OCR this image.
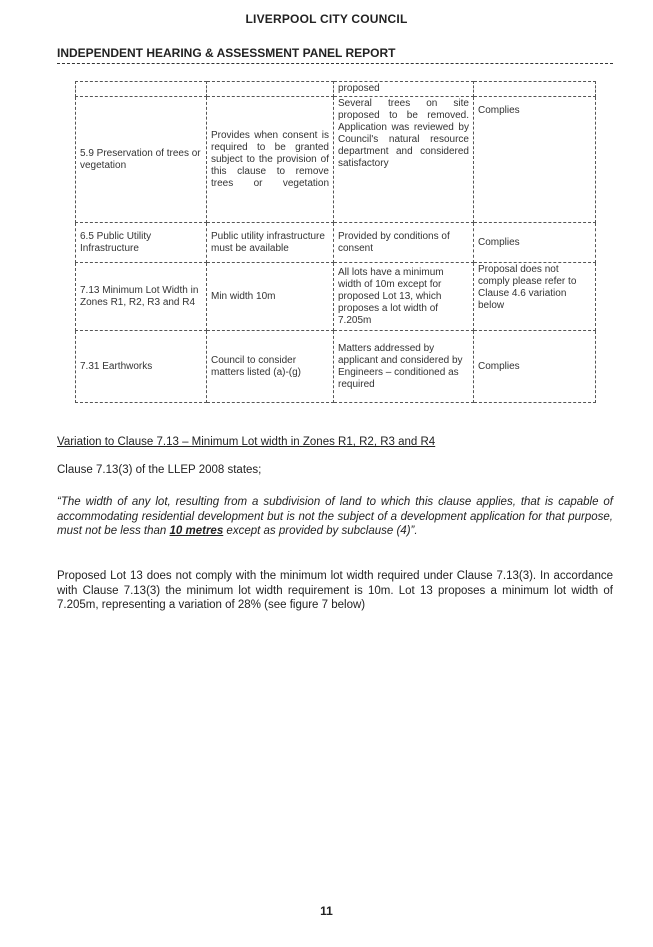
LIVERPOOL CITY COUNCIL
INDEPENDENT HEARING & ASSESSMENT PANEL REPORT
		proposed	
5.9 Preservation of trees or vegetation	Provides when consent is required to be granted subject to the provision of this clause to remove trees or vegetation	Several trees on site proposed to be removed. Application was reviewed by Council's natural resource department and considered satisfactory	Complies
6.5 Public Utility Infrastructure	Public utility infrastructure must be available	Provided by conditions of consent	Complies
7.13 Minimum Lot Width in Zones R1, R2, R3 and R4	Min width 10m	All lots have a minimum width of 10m except for proposed Lot 13, which proposes a lot width of 7.205m	Proposal does not comply please refer to Clause 4.6 variation below
7.31 Earthworks	Council to consider matters listed (a)-(g)	Matters addressed by applicant and considered by Engineers – conditioned as required	Complies
Variation to Clause 7.13 – Minimum Lot width in Zones R1, R2, R3 and R4

Clause 7.13(3) of the LLEP 2008 states;

“The width of any lot, resulting from a subdivision of land to which this clause applies, that is capable of accommodating residential development but is not the subject of a development application for that purpose, must not be less than 10 metres except as provided by subclause (4)”.

Proposed Lot 13 does not comply with the minimum lot width required under Clause 7.13(3). In accordance with Clause 7.13(3) the minimum lot width requirement is 10m. Lot 13 proposes a minimum lot width of 7.205m, representing a variation of 28% (see figure 7 below)

11
